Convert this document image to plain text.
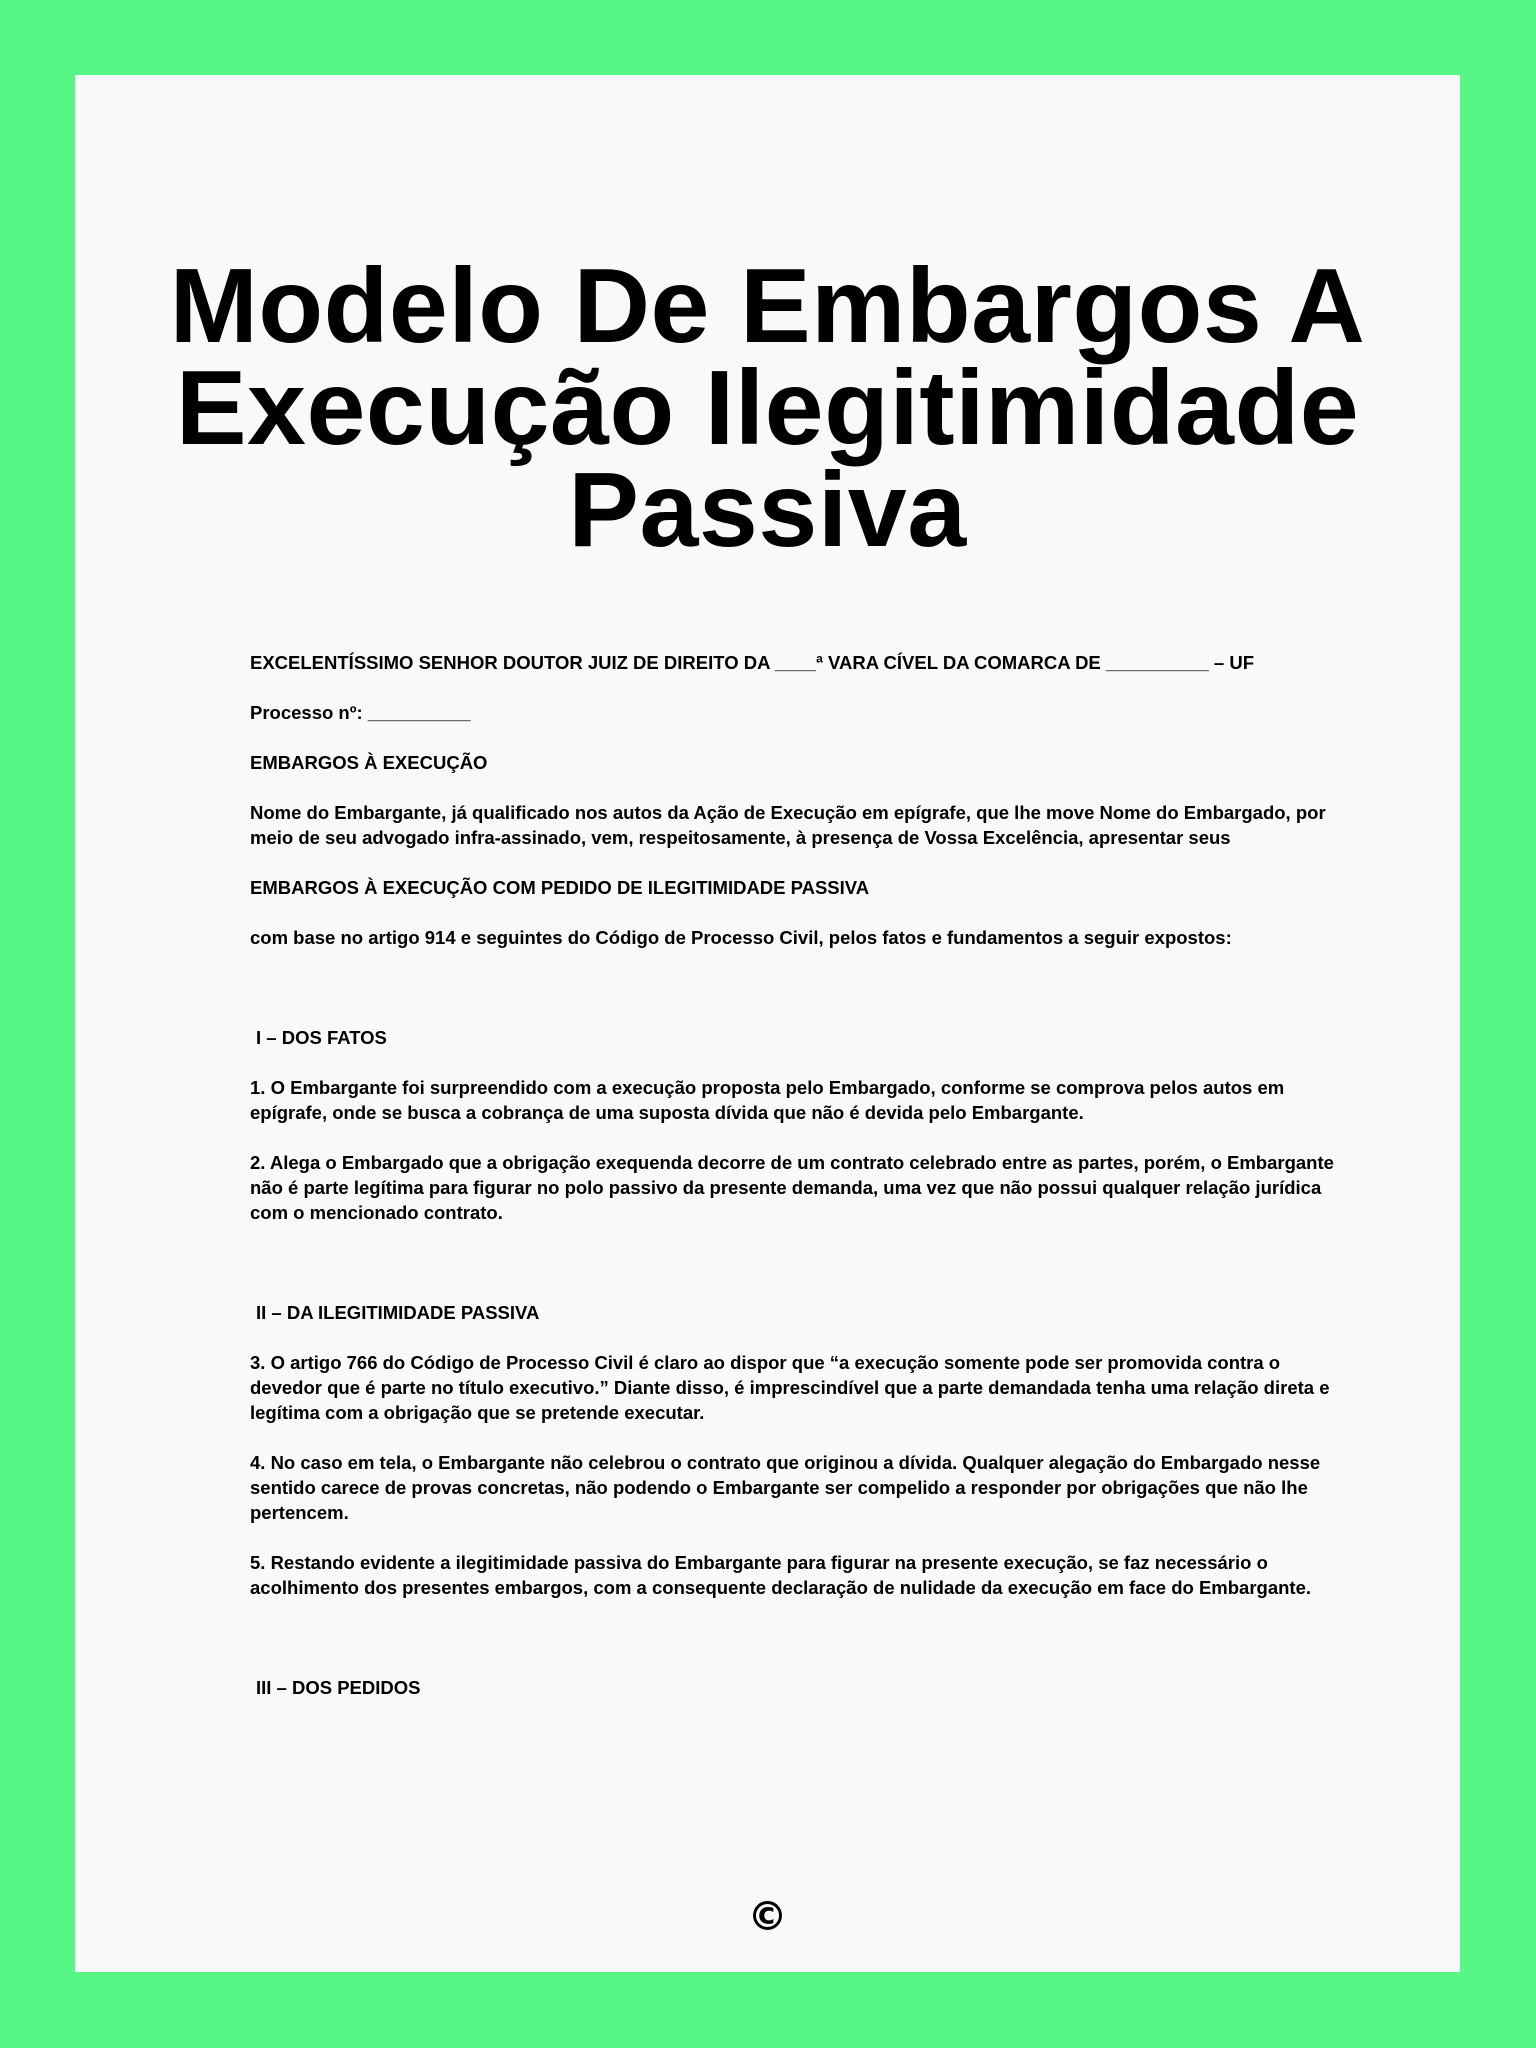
Modelo De Embargos A
Execução Ilegitimidade
Passiva

EXCELENTÍSSIMO SENHOR DOUTOR JUIZ DE DIREITO DA ____ª VARA CÍVEL DA COMARCA DE __________ – UF

Processo nº: __________

EMBARGOS À EXECUÇÃO

Nome do Embargante, já qualificado nos autos da Ação de Execução em epígrafe, que lhe move Nome do Embargado, por meio de seu advogado infra-assinado, vem, respeitosamente, à presença de Vossa Excelência, apresentar seus

EMBARGOS À EXECUÇÃO COM PEDIDO DE ILEGITIMIDADE PASSIVA

com base no artigo 914 e seguintes do Código de Processo Civil, pelos fatos e fundamentos a seguir expostos:

I – DOS FATOS

1. O Embargante foi surpreendido com a execução proposta pelo Embargado, conforme se comprova pelos autos em epígrafe, onde se busca a cobrança de uma suposta dívida que não é devida pelo Embargante.

2. Alega o Embargado que a obrigação exequenda decorre de um contrato celebrado entre as partes, porém, o Embargante não é parte legítima para figurar no polo passivo da presente demanda, uma vez que não possui qualquer relação jurídica com o mencionado contrato.

II – DA ILEGITIMIDADE PASSIVA

3. O artigo 766 do Código de Processo Civil é claro ao dispor que “a execução somente pode ser promovida contra o devedor que é parte no título executivo.” Diante disso, é imprescindível que a parte demandada tenha uma relação direta e legítima com a obrigação que se pretende executar.

4. No caso em tela, o Embargante não celebrou o contrato que originou a dívida. Qualquer alegação do Embargado nesse sentido carece de provas concretas, não podendo o Embargante ser compelido a responder por obrigações que não lhe pertencem.

5. Restando evidente a ilegitimidade passiva do Embargante para figurar na presente execução, se faz necessário o acolhimento dos presentes embargos, com a consequente declaração de nulidade da execução em face do Embargante.

III – DOS PEDIDOS

©
